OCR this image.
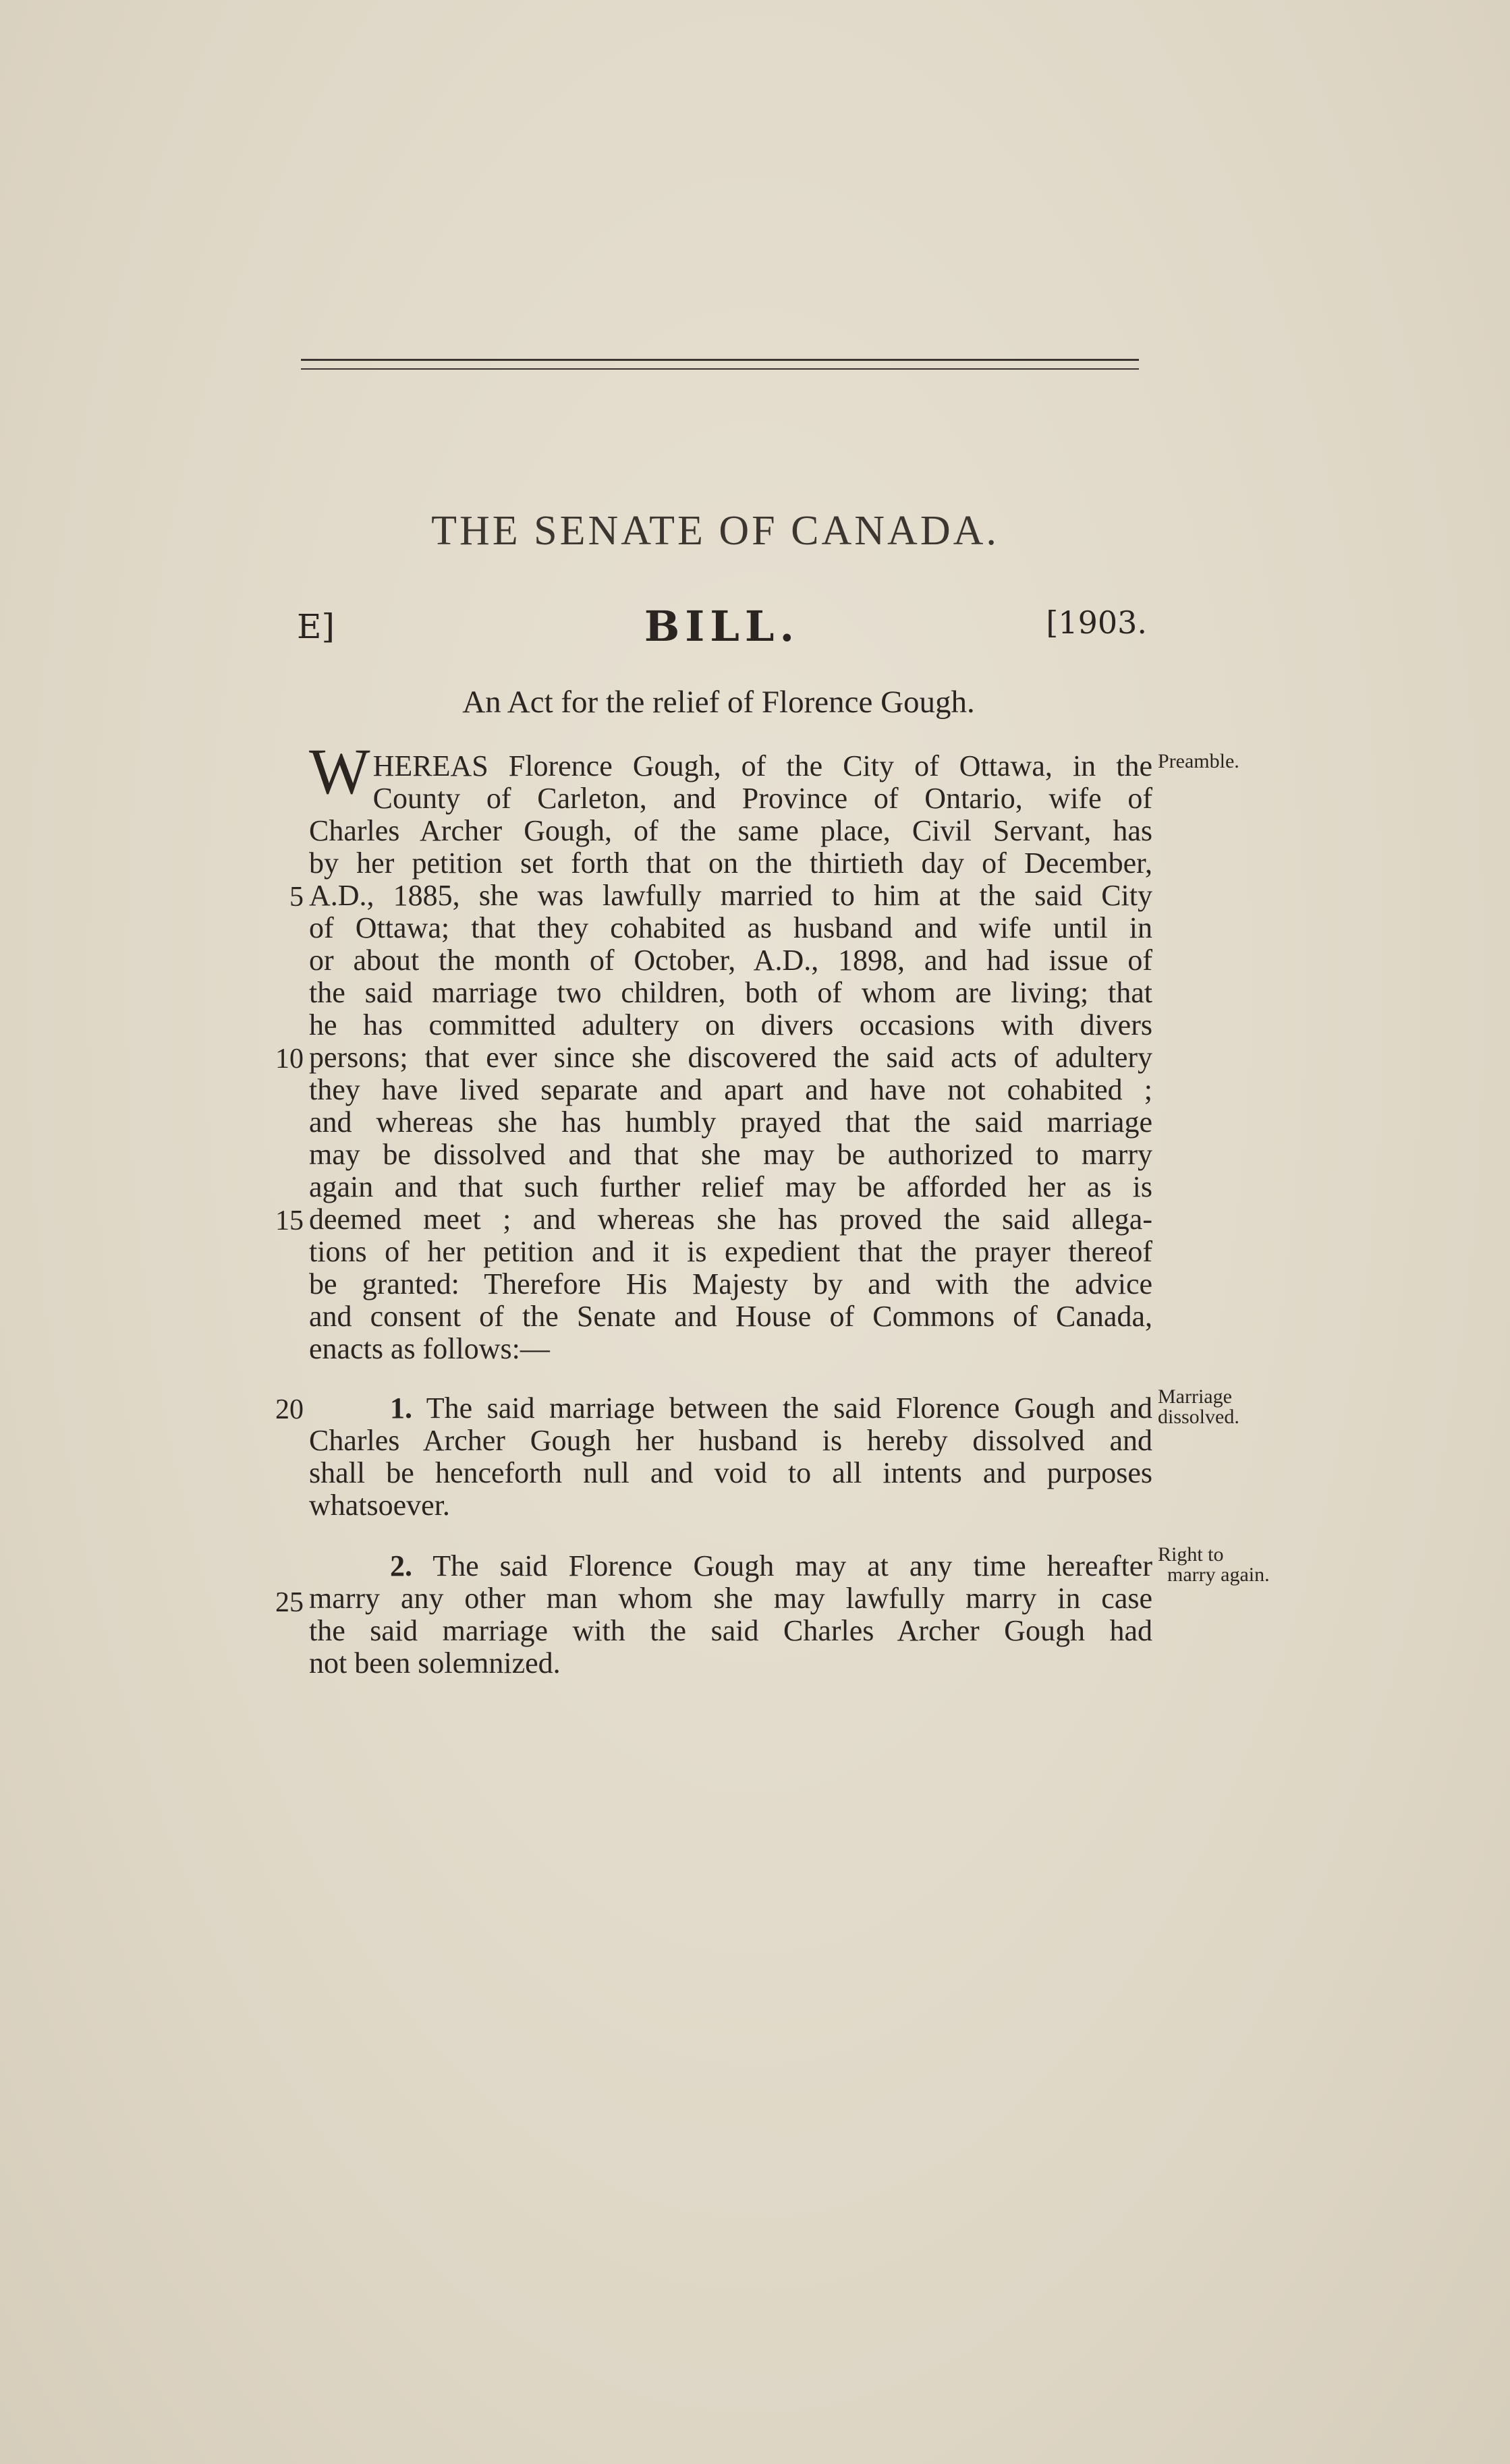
THE SENATE OF CANADA.
E]	BILL.	[1903.
An Act for the relief of Florence Gough.
Preamble.
W HEREAS Florence Gough, of the City of Ottawa, in the
County of Carleton, and Province of Ontario, wife of
Charles Archer Gough, of the same place, Civil Servant, has
by her petition set forth that on the thirtieth day of December,
A.D., 1885, she was lawfully married to him at the said City
of Ottawa; that they cohabited as husband and wife until in
or about the month of October, A.D., 1898, and had issue of
the said marriage two children, both of whom are living; that
he has committed adultery on divers occasions with divers
persons; that ever since she discovered the said acts of adultery
they have lived separate and apart and have not cohabited ;
and whereas she has humbly prayed that the said marriage
may be dissolved and that she may be authorized to marry
again and that such further relief may be afforded her as is
deemed meet ; and whereas she has proved the said allega-
tions of her petition and it is expedient that the prayer thereof
be granted: Therefore His Majesty by and with the advice
and consent of the Senate and House of Commons of Canada,
enacts as follows:—
5
10
15
20
25
Marriage
dissolved.
1. The said marriage between the said Florence Gough and
Charles Archer Gough her husband is hereby dissolved and
shall be henceforth null and void to all intents and purposes
whatsoever.
Right to
marry again.
2. The said Florence Gough may at any time hereafter
marry any other man whom she may lawfully marry in case
the said marriage with the said Charles Archer Gough had
not been solemnized.
